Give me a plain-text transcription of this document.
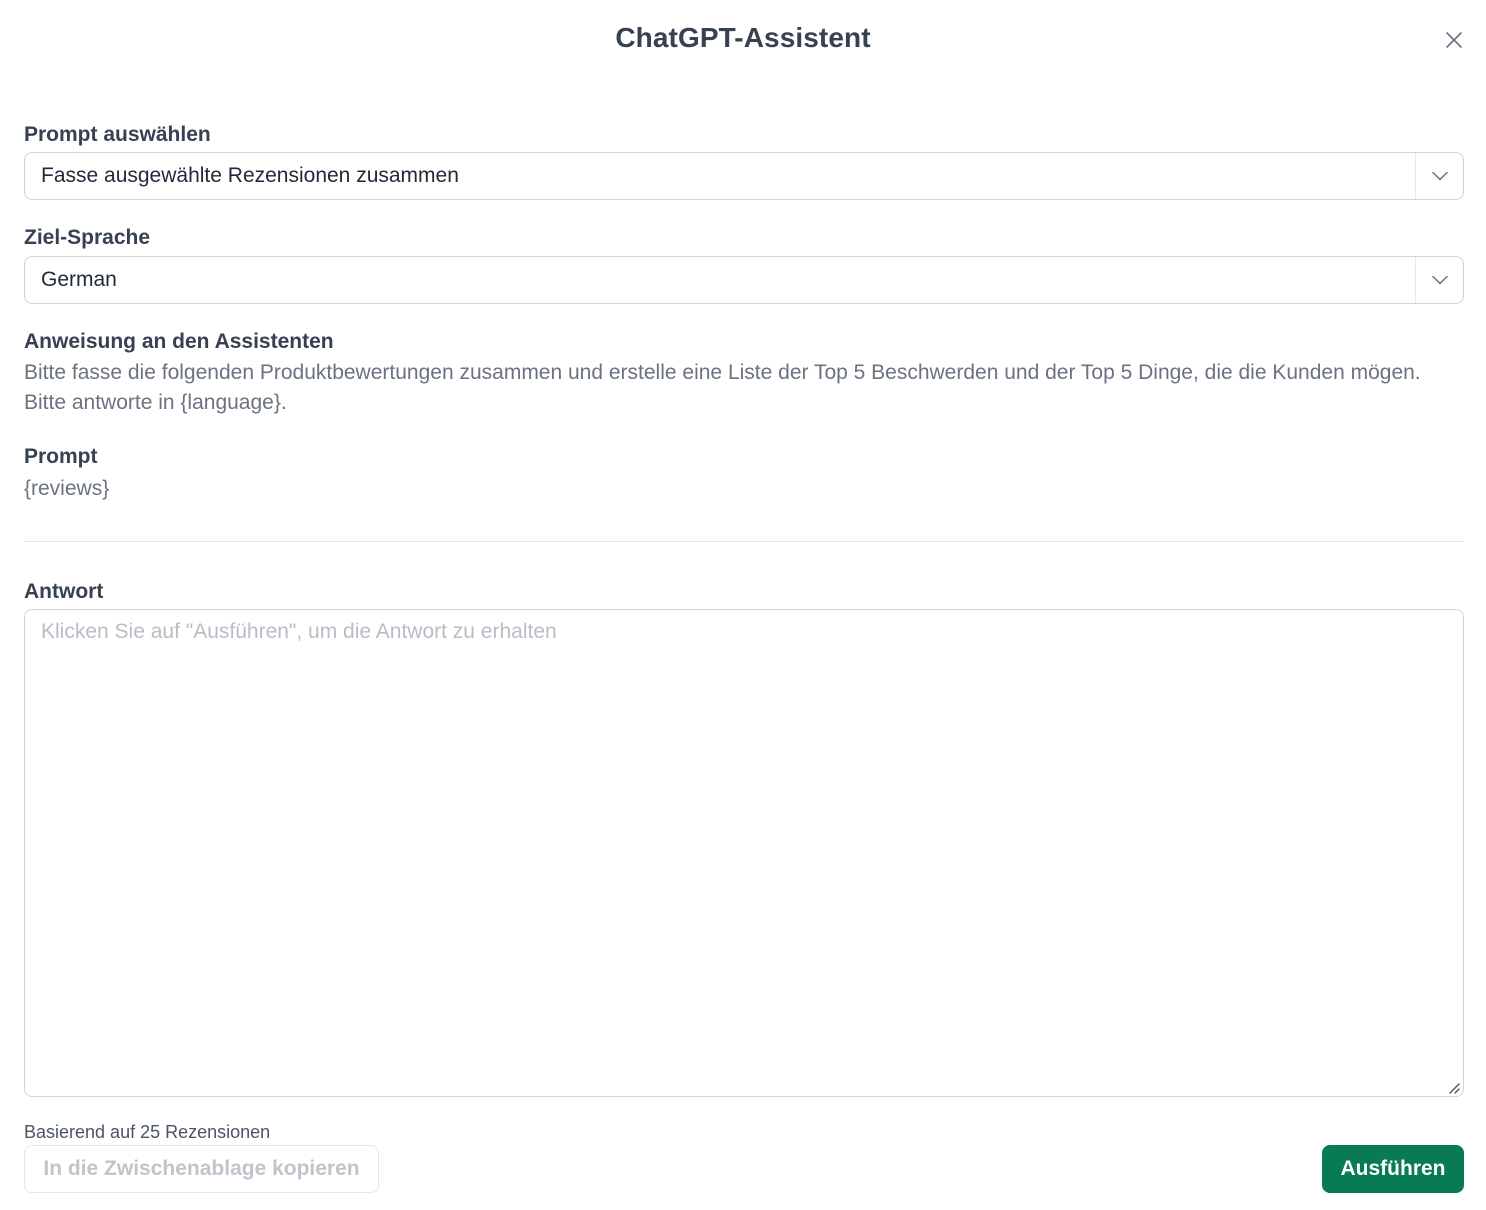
ChatGPT-Assistent
Prompt auswählen
Fasse ausgewählte Rezensionen zusammen
Ziel-Sprache
German
Anweisung an den Assistenten

Bitte fasse die folgenden Produktbewertungen zusammen und erstelle eine Liste der Top 5 Beschwerden und der Top 5 Dinge, die die Kunden mögen. Bitte antworte in {language}.

Prompt

{reviews}

Antwort
Klicken Sie auf "Ausführen", um die Antwort zu erhalten
Basierend auf 25 Rezensionen
In die Zwischenablage kopieren	Ausführen
